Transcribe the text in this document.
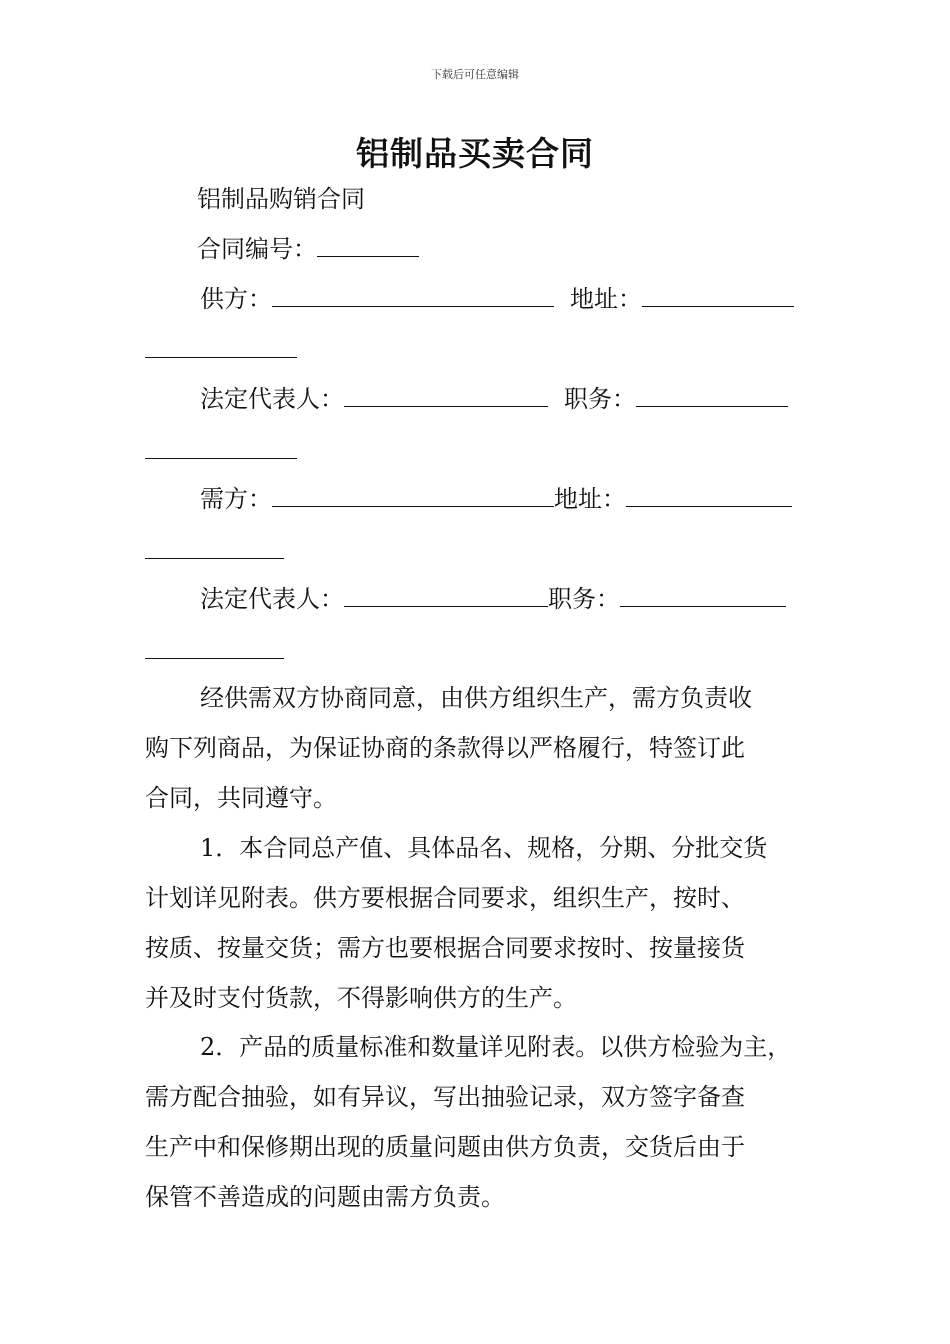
下载后可任意编辑
铝制品买卖合同
铝制品购销合同
合同编号：
供方：	地址：
法定代表人：	职务：
需方：	地址：
法定代表人：	职务：
经供需双方协商同意，由供方组织生产，需方负责收
购下列商品，为保证协商的条款得以严格履行，特签订此
合同，共同遵守。
1．本合同总产值、具体品名、规格，分期、分批交货
计划详见附表。供方要根据合同要求，组织生产，按时、
按质、按量交货；需方也要根据合同要求按时、按量接货
并及时支付货款，不得影响供方的生产。
2．产品的质量标准和数量详见附表。以供方检验为主，
需方配合抽验，如有异议，写出抽验记录，双方签字备查
生产中和保修期出现的质量问题由供方负责，交货后由于
保管不善造成的问题由需方负责。
